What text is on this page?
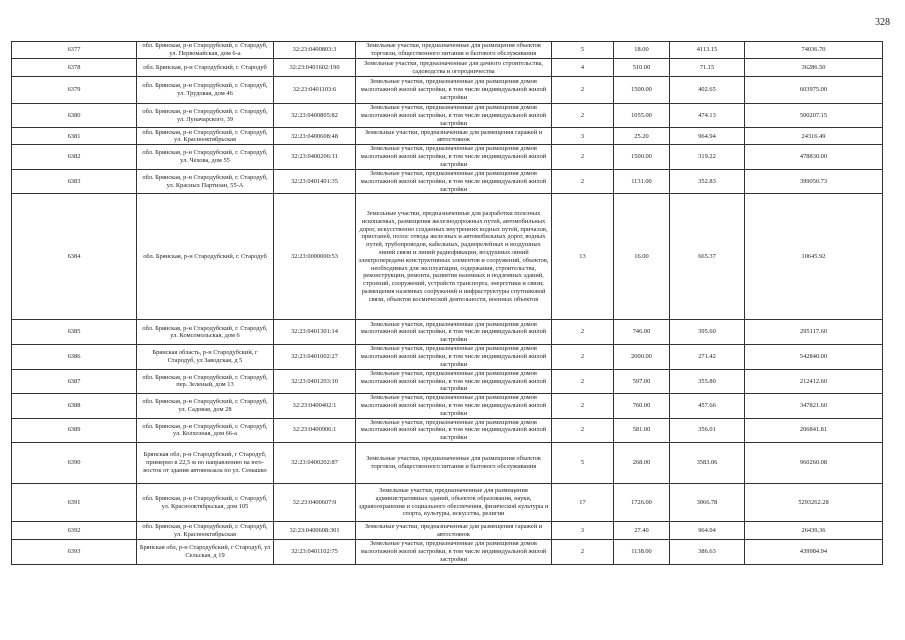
328
6377	обл. Брянская, р-н Стародубский, г. Стародуб, ул. Первомайская, дом 6-а	32:23:0400803:3	Земельные участки, предназначенные для размещения объектов торговли, общественного питания и бытового обслуживания	5	18.00	4113.15	74036.70
6378	обл. Брянская, р-н Стародубский, г. Стародуб	32:23:0401602:190	Земельные участки, предназначенные для дачного строительства, садоводства и огородничества	4	510.00	71.15	36286.50
6379	обл. Брянская, р-н Стародубский, г. Стародуб, ул. Трудовая, дом 46	32:23:0401103:6	Земельные участки, предназначенные для размещения домов малоэтажной жилой застройки, в том числе индивидуальной жилой застройки	2	1500.00	402.65	603975.00
6380	обл. Брянская, р-н Стародубский, г. Стародуб, ул. Луначарского, 39	32:23:0400805:82	Земельные участки, предназначенные для размещения домов малоэтажной жилой застройки, в том числе индивидуальной жилой застройки	2	1055.00	474.13	500207.15
6381	обл. Брянская, р-н Стародубский, г. Стародуб, ул. Краснооктябрьская	32:23:0400608:48	Земельные участки, предназначенные для размещения гаражей и автостоянок	3	25.20	964.94	24316.49
6382	обл. Брянская, р-н Стародубский, г. Стародуб, ул. Чехова, дом 55	32:23:0400206:11	Земельные участки, предназначенные для размещения домов малоэтажной жилой застройки, в том числе индивидуальной жилой застройки	2	1500.00	319.22	478830.00
6383	обл. Брянская, р-н Стародубский, г. Стародуб, ул. Красных Партизан, 55-А	32:23:0401401:35	Земельные участки, предназначенные для размещения домов малоэтажной жилой застройки, в том числе индивидуальной жилой застройки	2	1131.00	352.83	399050.73
6384	обл. Брянская, р-н Стародубский, г. Стародуб	32:23:0000000:53	Земельные участки, предназначенные для разработки полезных ископаемых, размещения железнодорожных путей, автомобильных дорог, искусственно созданных внутренних водных путей, причалов, пристаней, полос отвода железных и автомобильных дорог, водных путей, трубопроводов, кабельных, радиорелейных и воздушных линий связи и линий радиофикации, воздушных линий электропередачи конструктивных элементов и сооружений, объектов, необходимых для эксплуатации, содержания, строительства, реконструкции, ремонта, развития наземных и подземных зданий, строений, сооружений, устройств транспорта, энергетики и связи; размещения наземных сооружений и инфраструктуры спутниковой связи, объектов космической деятельности, военных объектов	13	16.00	665.37	10645.92
6385	обл. Брянская, р-н Стародубский, г. Стародуб, ул. Комсомольская, дом 6	32:23:0401301:14	Земельные участки, предназначенные для размещения домов малоэтажной жилой застройки, в том числе индивидуальной жилой застройки	2	746.00	395.60	295117.60
6386	Брянская область, р-н Стародубский, г Стародуб, ул Заводская, д 5	32:23:0401002:27	Земельные участки, предназначенные для размещения домов малоэтажной жилой застройки, в том числе индивидуальной жилой застройки	2	2000.00	271.42	542840.00
6387	обл. Брянская, р-н Стародубский, г. Стародуб, пер. Зеленый, дом 13	32:23:0401203:10	Земельные участки, предназначенные для размещения домов малоэтажной жилой застройки, в том числе индивидуальной жилой застройки	2	597.00	355.80	212412.60
6388	обл. Брянская, р-н Стародубский, г. Стародуб, ул. Садовая, дом 28	32:23:0400402:1	Земельные участки, предназначенные для размещения домов малоэтажной жилой застройки, в том числе индивидуальной жилой застройки	2	760.00	457.66	347821.60
6389	обл. Брянская, р-н Стародубский, г. Стародуб, ул. Колхозная, дом 66-а	32:23:0400906:1	Земельные участки, предназначенные для размещения домов малоэтажной жилой застройки, в том числе индивидуальной жилой застройки	2	581.00	356.01	206841.81
6390	Брянская обл, р-н Стародубский, г Стародуб, примерно в 22,5 м по направлению на юго-восток от здания автовокзала по ул. Семашко	32:23:0400202:87	Земельные участки, предназначенные для размещения объектов торговли, общественного питания и бытового обслуживания	5	268.00	3583.06	960260.08
6391	обл. Брянская, р-н Стародубский, г. Стародуб, ул. Краснооктябрьская, дом 105	32:23:0400607:9	Земельные участки, предназначенные для размещения административных зданий, объектов образования, науки, здравоохранения и социального обеспечения, физической культуры и спорта, культуры, искусства, религии	17	1726.00	3066.78	5293262.28
6392	обл. Брянская, р-н Стародубский, г. Стародуб, ул. Краснооктябрьская	32:23:0400608:301	Земельные участки, предназначенные для размещения гаражей и автостоянок	3	27.40	964.94	26439.36
6393	Брянская обл, р-н Стародубский, г Стародуб, ул Сельская, д 19	32:23:0401102:75	Земельные участки, предназначенные для размещения домов малоэтажной жилой застройки, в том числе индивидуальной жилой застройки	2	1138.00	386.63	439984.94
